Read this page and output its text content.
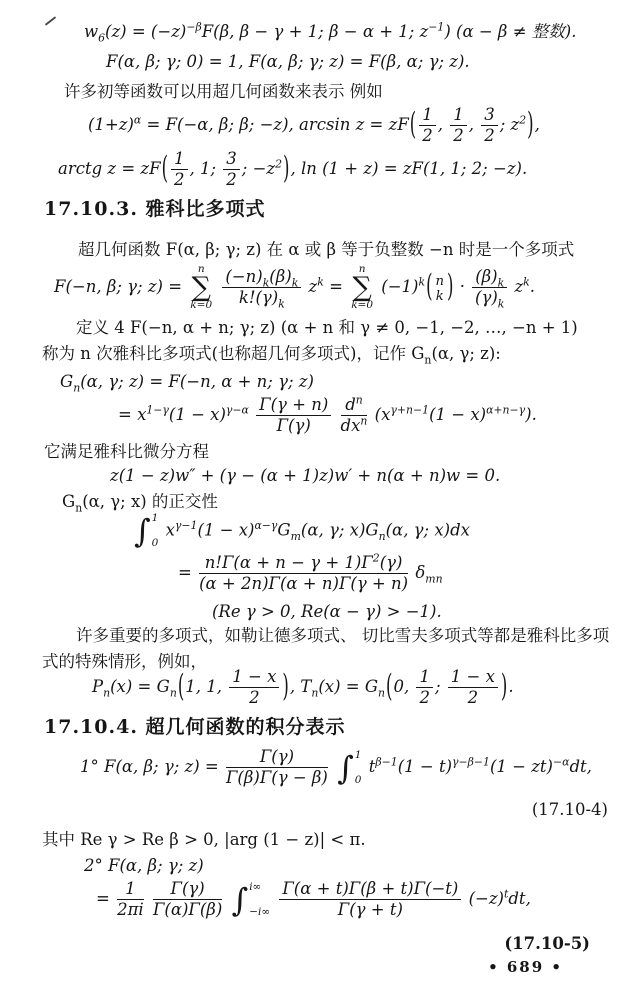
$w_6(z) = (-z)^{-\beta}F(\beta$, β − γ + 1; β − α + 1; $z^{-1}$) (α − β ≠ 整数).
F(α, β; γ; 0) = 1, F(α, β; γ; z) = F(β, α; γ; z).
许多初等函数可以用超几何函数来表示 例如
$(1+z)^\alpha = F(-\alpha$, β; β; −z), arcsin z = zF ( $\frac{1}{2}$ , $\frac{1}{2}$ , $\frac{3}{2}$ ; $z^2$ ) ,
arctg z = zF ( $\frac{1}{2}$ , 1; $\frac{3}{2}$ ; $-z^2$ ) , ln (1 + z) = zF(1, 1; 2; −z).
17.10.3. 雅科比多项式
超几何函数 F(α, β; γ; z) 在 α 或 β 等于负整数 −n 时是一个多项式
F(−n, β; γ; z) =
n
∑
k=0
$\frac{(-n)_k(\beta)_k}{k!(\gamma)_k} z^k$ =
n
∑
k=0
$(-1)^k$ ( n
k ) · $\frac{(\beta)_k}{(\gamma)_k} z^k$.
定义 4 F(−n, α + n; γ; z) (α + n 和 γ ≠ 0, −1, −2, …, −n + 1)
称为 n 次雅科比多项式(也称超几何多项式)，记作 $G_n(\alpha$, γ; z):
$G_n(\alpha$, γ; z) = F(−n, α + n; γ; z)
= $x^{1-\gamma}(1 - x)^{\gamma-\alpha} \frac{\Gamma(\gamma + n)}{\Gamma(\gamma)}$
$\frac{d^n}{dx^n} (x^{\gamma+n-1}(1 - x)^{\alpha+n-\gamma})$.
它满足雅科比微分方程
z(1 − z)w″ + (γ − (α + 1)z)w′ + n(α + n)w = 0.
$G_n(\alpha$, γ; x) 的正交性
∫ 1
0
$x^{\gamma-1}(1 - x)^{\alpha-\gamma}G_m(\alpha$, γ; $x)G_n(\alpha$, γ; x)dx
= $\frac{n!\Gamma(\alpha + n - \gamma + 1)\Gamma^2(\gamma)}{(\alpha + 2n)\Gamma(\alpha + n)\Gamma(\gamma + n)} \delta_{mn}$
(Re γ > 0, Re(α − γ) > −1).
许多重要的多项式，如勒让德多项式、 切比雪夫多项式等都是雅科比多项
式的特殊情形，例如，
$P_n(x) = G_n$ ( 1, 1, $\frac{1 - x}{2}$ ) , $T_n(x) = G_n$ ( 0, $\frac{1}{2}$ ; $\frac{1 - x}{2}$ ) .
17.10.4. 超几何函数的积分表示
1° F(α, β; γ; $z) = \frac{\Gamma(\gamma)}{\Gamma(\beta)\Gamma(\gamma - \beta)}$
∫ 1
0
$t^{\beta-1}(1 - t)^{\gamma-\beta-1}(1 - zt)^{-\alpha}dt$,
(17.10-4)
其中 Re γ > Re β > 0, |arg (1 − z)| < π.
2° F(α, β; γ; z)
= $\frac{1}{2\pi i}$
$\frac{\Gamma(\gamma)}{\Gamma(\alpha)\Gamma(\beta)}$
∫ i∞
−i∞
$\frac{\Gamma(\alpha + t)\Gamma(\beta + t)\Gamma(-t)}{\Gamma(\gamma + t)} (-z)^tdt$,
(17.10-5)
• 689 •
